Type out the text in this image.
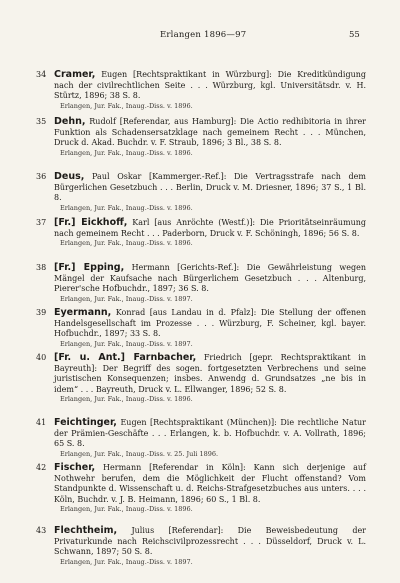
Erlangen 1896—97	55
34 Cramer, Eugen [Rechtspraktikant in Würzburg]: Die Kreditkündigung nach der civilrechtlichen Seite . . . Würzburg, kgl. Universitätsdr. v. H. Stürtz, 1896; 38 S. 8.
Erlangen, Jur. Fak., Inaug.-Diss. v. 1896.
35 Dehn, Rudolf [Referendar, aus Hamburg]: Die Actio redhibitoria in ihrer Funktion als Schadensersatzklage nach gemeinem Recht . . . München, Druck d. Akad. Buchdr. v. F. Straub, 1896; 3 Bl., 38 S. 8.
Erlangen, Jur. Fak., Inaug.-Diss. v. 1896.
36 Deus, Paul Oskar [Kammerger.-Ref.]: Die Vertragsstrafe nach dem Bürgerlichen Gesetzbuch . . . Berlin, Druck v. M. Driesner, 1896; 37 S., 1 Bl. 8.
Erlangen, Jur. Fak., Inaug.-Diss. v. 1896.
37 [Fr.] Eickhoff, Karl [aus Anröchte (Westf.)]: Die Prioritätseinräumung nach gemeinem Recht . . . Paderborn, Druck v. F. Schöningh, 1896; 56 S. 8.
Erlangen, Jur. Fak., Inaug.-Diss. v. 1896.
38 [Fr.] Epping, Hermann [Gerichts-Ref.]: Die Gewährleistung wegen Mängel der Kaufsache nach Bürgerlichem Gesetzbuch . . . Altenburg, Pierer'sche Hofbuchdr., 1897; 36 S. 8.
Erlangen, Jur. Fak., Inaug.-Diss. v. 1897.
39 Eyermann, Konrad [aus Landau in d. Pfalz]: Die Stellung der offenen Handelsgesellschaft im Prozesse . . . Würzburg, F. Scheiner, kgl. bayer. Hofbuchdr., 1897; 33 S. 8.
Erlangen, Jur. Fak., Inaug.-Diss. v. 1897.
40 [Fr. u. Ant.] Farnbacher, Friedrich [gepr. Rechtspraktikant in Bayreuth]: Der Begriff des sogen. fortgesetzten Verbrechens und seine juristischen Konsequenzen; insbes. Anwendg d. Grundsatzes „ne bis in idem“ . . . Bayreuth, Druck v. L. Ellwanger, 1896; 52 S. 8.
Erlangen, Jur. Fak., Inaug.-Diss. v. 1896.
41 Feichtinger, Eugen [Rechtspraktikant (München)]: Die rechtliche Natur der Prämien-Geschäfte . . . Erlangen, k. b. Hofbuchdr. v. A. Vollrath, 1896; 65 S. 8.
Erlangen, Jur. Fak., Inaug.-Diss. v. 25. Juli 1896.
42 Fischer, Hermann [Referendar in Köln]: Kann sich derjenige auf Nothwehr berufen, dem die Möglichkeit der Flucht offenstand? Vom Standpunkte d. Wissenschaft u. d. Reichs-Strafgesetzbuches aus unters. . . . Köln, Buchdr. v. J. B. Heimann, 1896; 60 S., 1 Bl. 8.
Erlangen, Jur. Fak., Inaug.-Diss. v. 1896.
43 Flechtheim, Julius [Referendar]: Die Beweisbedeutung der Privaturkunde nach Reichscivilprozessrecht . . . Düsseldorf, Druck v. L. Schwann, 1897; 50 S. 8.
Erlangen, Jur. Fak., Inaug.-Diss. v. 1897.
